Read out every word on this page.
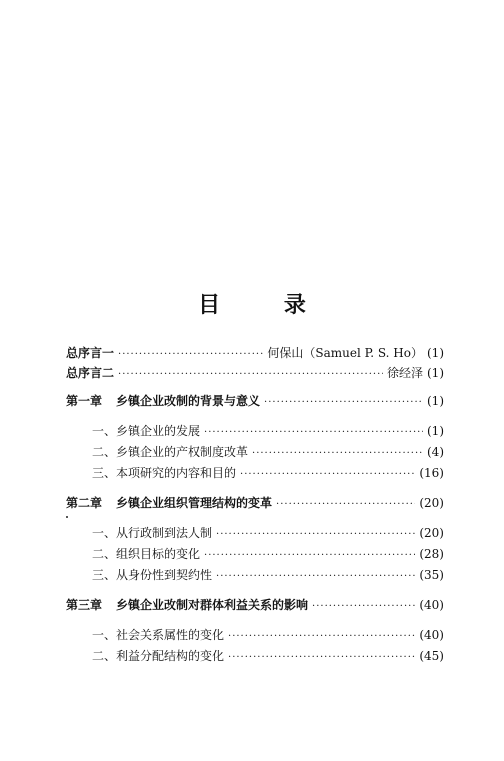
目 录
总序言一 ·····	何保山（Samuel P. S. Ho） (1)
总序言二 ·····	徐经泽 (1)
第一章 乡镇企业改制的背景与意义 ·····	(1)
一、乡镇企业的发展 ·····	(1)
二、乡镇企业的产权制度改革 ·····	(4)
三、本项研究的内容和目的 ·····	(16)
第二章 乡镇企业组织管理结构的变革 ·····	(20)
一、从行政制到法人制 ·····	(20)
二、组织目标的变化 ·····	(28)
三、从身份性到契约性 ·····	(35)
第三章 乡镇企业改制对群体利益关系的影响 ·····	(40)
一、社会关系属性的变化 ·····	(40)
二、利益分配结构的变化 ·····	(45)
